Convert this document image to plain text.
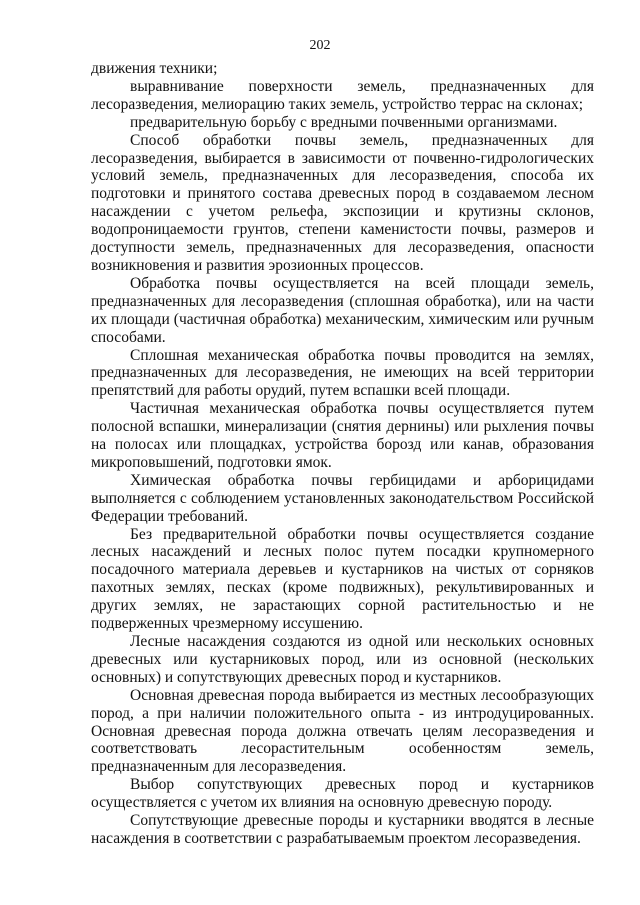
202

движения техники;

выравнивание поверхности земель, предназначенных для лесоразведения, мелиорацию таких земель, устройство террас на склонах;

предварительную борьбу с вредными почвенными организмами.

Способ обработки почвы земель, предназначенных для лесоразведения, выбирается в зависимости от почвенно-гидрологических условий земель, предназначенных для лесоразведения, способа их подготовки и принятого состава древесных пород в создаваемом лесном насаждении с учетом рельефа, экспозиции и крутизны склонов, водопроницаемости грунтов, степени каменистости почвы, размеров и доступности земель, предназначенных для лесоразведения, опасности возникновения и развития эрозионных процессов.

Обработка почвы осуществляется на всей площади земель, предназначенных для лесоразведения (сплошная обработка), или на части их площади (частичная обработка) механическим, химическим или ручным способами.

Сплошная механическая обработка почвы проводится на землях, предназначенных для лесоразведения, не имеющих на всей территории препятствий для работы орудий, путем вспашки всей площади.

Частичная механическая обработка почвы осуществляется путем полосной вспашки, минерализации (снятия дернины) или рыхления почвы на полосах или площадках, устройства борозд или канав, образования микроповышений, подготовки ямок.

Химическая обработка почвы гербицидами и арборицидами выполняется с соблюдением установленных законодательством Российской Федерации требований.

Без предварительной обработки почвы осуществляется создание лесных насаждений и лесных полос путем посадки крупномерного посадочного материала деревьев и кустарников на чистых от сорняков пахотных землях, песках (кроме подвижных), рекультивированных и других землях, не зарастающих сорной растительностью и не подверженных чрезмерному иссушению.

Лесные насаждения создаются из одной или нескольких основных древесных или кустарниковых пород, или из основной (нескольких основных) и сопутствующих древесных пород и кустарников.

Основная древесная порода выбирается из местных лесообразующих пород, а при наличии положительного опыта - из интродуцированных. Основная древесная порода должна отвечать целям лесоразведения и соответствовать лесорастительным особенностям земель, предназначенным для лесоразведения.

Выбор сопутствующих древесных пород и кустарников осуществляется с учетом их влияния на основную древесную породу.

Сопутствующие древесные породы и кустарники вводятся в лесные насаждения в соответствии с разрабатываемым проектом лесоразведения.
